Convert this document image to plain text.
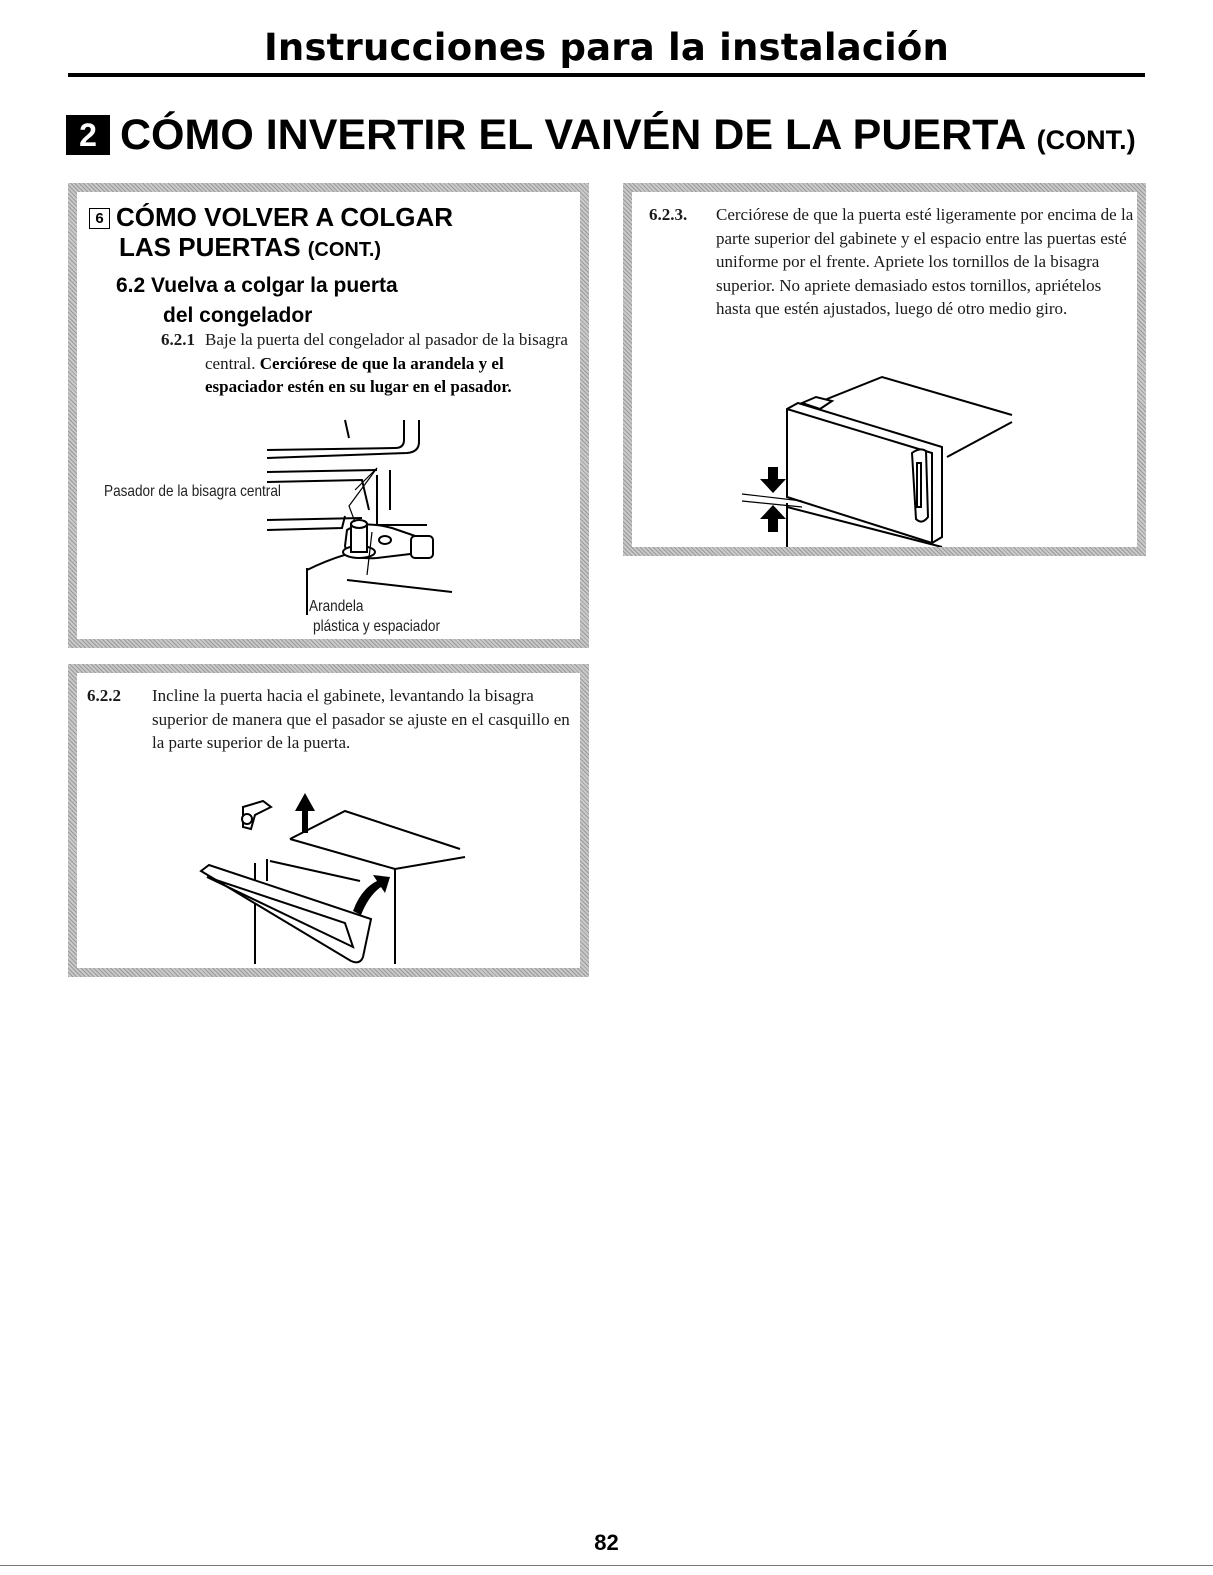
Instrucciones para la instalación
2 CÓMO INVERTIR EL VAIVÉN DE LA PUERTA (CONT.)
6 CÓMO VOLVER A COLGAR
LAS PUERTAS (CONT.)
6.2 Vuelva a colgar la puerta
del congelador
6.2.1 Baje la puerta del congelador al pasador de la bisagra central. Cerciórese de que la arandela y el espaciador estén en su lugar en el pasador.
Pasador de la bisagra central
Arandela
plástica y espaciador
6.2.2	Incline la puerta hacia el gabinete, levantando la bisagra superior de manera que el pasador se ajuste en el casquillo en la parte superior de la puerta.
6.2.3.	Cerciórese de que la puerta esté ligeramente por encima de la parte superior del gabinete y el espacio entre las puertas esté uniforme por el frente. Apriete los tornillos de la bisagra superior. No apriete demasiado estos tornillos, apriételos hasta que estén ajustados, luego dé otro medio giro.
82
